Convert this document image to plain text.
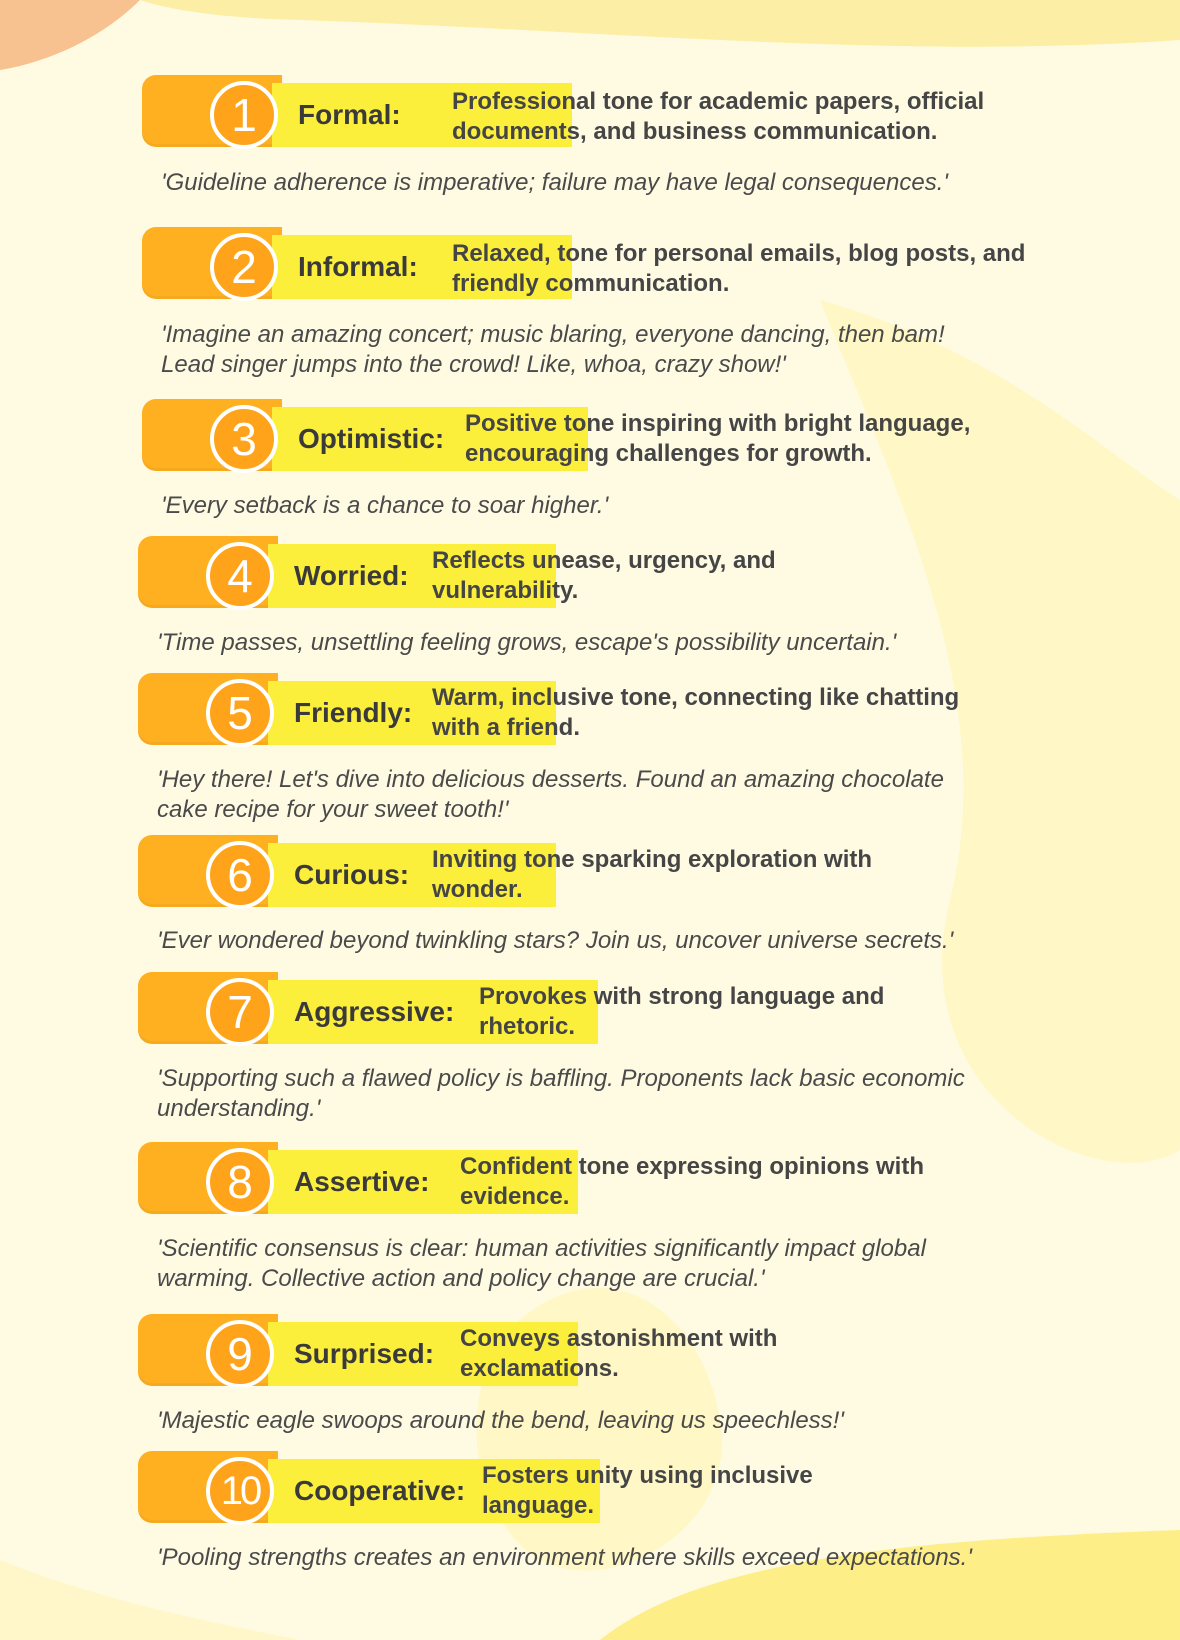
1	Formal: Professional tone for academic papers, official documents, and business communication.
'Guideline adherence is imperative; failure may have legal consequences.'
2	Informal: Relaxed, tone for personal emails, blog posts, and friendly communication.
'Imagine an amazing concert; music blaring, everyone dancing, then bam! Lead singer jumps into the crowd! Like, whoa, crazy show!'
3	Optimistic: Positive tone inspiring with bright language, encouraging challenges for growth.
'Every setback is a chance to soar higher.'
4	Worried: Reflects unease, urgency, and vulnerability.
'Time passes, unsettling feeling grows, escape's possibility uncertain.'
5	Friendly: Warm, inclusive tone, connecting like chatting with a friend.
'Hey there! Let's dive into delicious desserts. Found an amazing chocolate cake recipe for your sweet tooth!'
6	Curious: Inviting tone sparking exploration with wonder.
'Ever wondered beyond twinkling stars? Join us, uncover universe secrets.'
7	Aggressive: Provokes with strong language and rhetoric.
'Supporting such a flawed policy is baffling. Proponents lack basic economic understanding.'
8	Assertive: Confident tone expressing opinions with evidence.
'Scientific consensus is clear: human activities significantly impact global warming. Collective action and policy change are crucial.'
9	Surprised: Conveys astonishment with exclamations.
'Majestic eagle swoops around the bend, leaving us speechless!'
10	Cooperative: Fosters unity using inclusive language.
'Pooling strengths creates an environment where skills exceed expectations.'
